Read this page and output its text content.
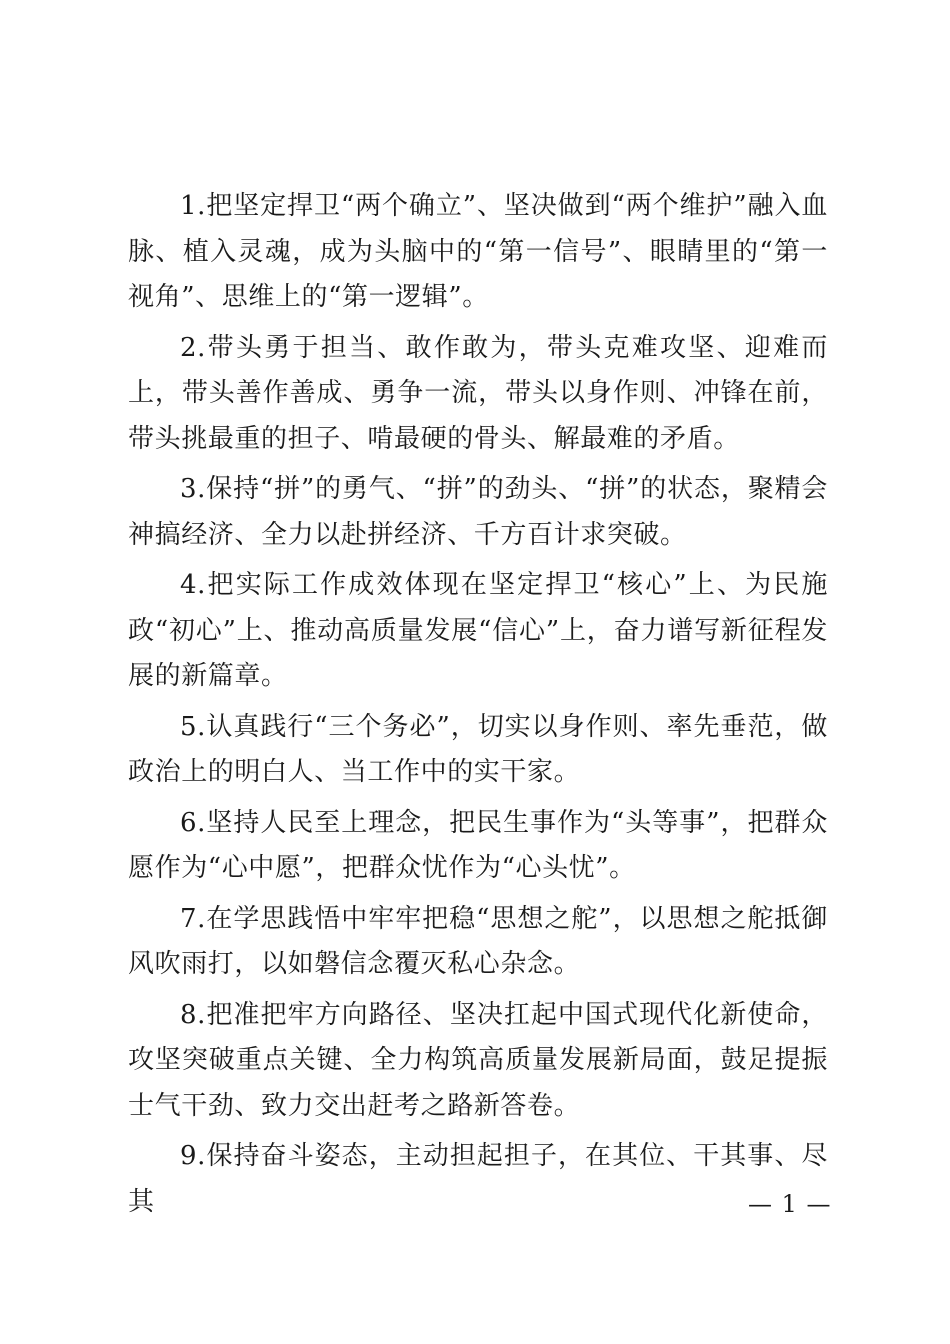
1.把坚定捍卫“两个确立”、坚决做到“两个维护”融入血脉、植入灵魂，成为头脑中的“第一信号”、眼睛里的“第一视角”、思维上的“第一逻辑”。

2.带头勇于担当、敢作敢为，带头克难攻坚、迎难而上，带头善作善成、勇争一流，带头以身作则、冲锋在前，带头挑最重的担子、啃最硬的骨头、解最难的矛盾。

3.保持“拼”的勇气、“拼”的劲头、“拼”的状态，聚精会神搞经济、全力以赴拼经济、千方百计求突破。

4.把实际工作成效体现在坚定捍卫“核心”上、为民施政“初心”上、推动高质量发展“信心”上，奋力谱写新征程发展的新篇章。

5.认真践行“三个务必”，切实以身作则、率先垂范，做政治上的明白人、当工作中的实干家。

6.坚持人民至上理念，把民生事作为“头等事”，把群众愿作为“心中愿”，把群众忧作为“心头忧”。

7.在学思践悟中牢牢把稳“思想之舵”，以思想之舵抵御风吹雨打，以如磐信念覆灭私心杂念。

8.把准把牢方向路径、坚决扛起中国式现代化新使命，攻坚突破重点关键、全力构筑高质量发展新局面，鼓足提振士气干劲、致力交出赶考之路新答卷。

9.保持奋斗姿态，主动担起担子，在其位、干其事、尽其	— 1 —
